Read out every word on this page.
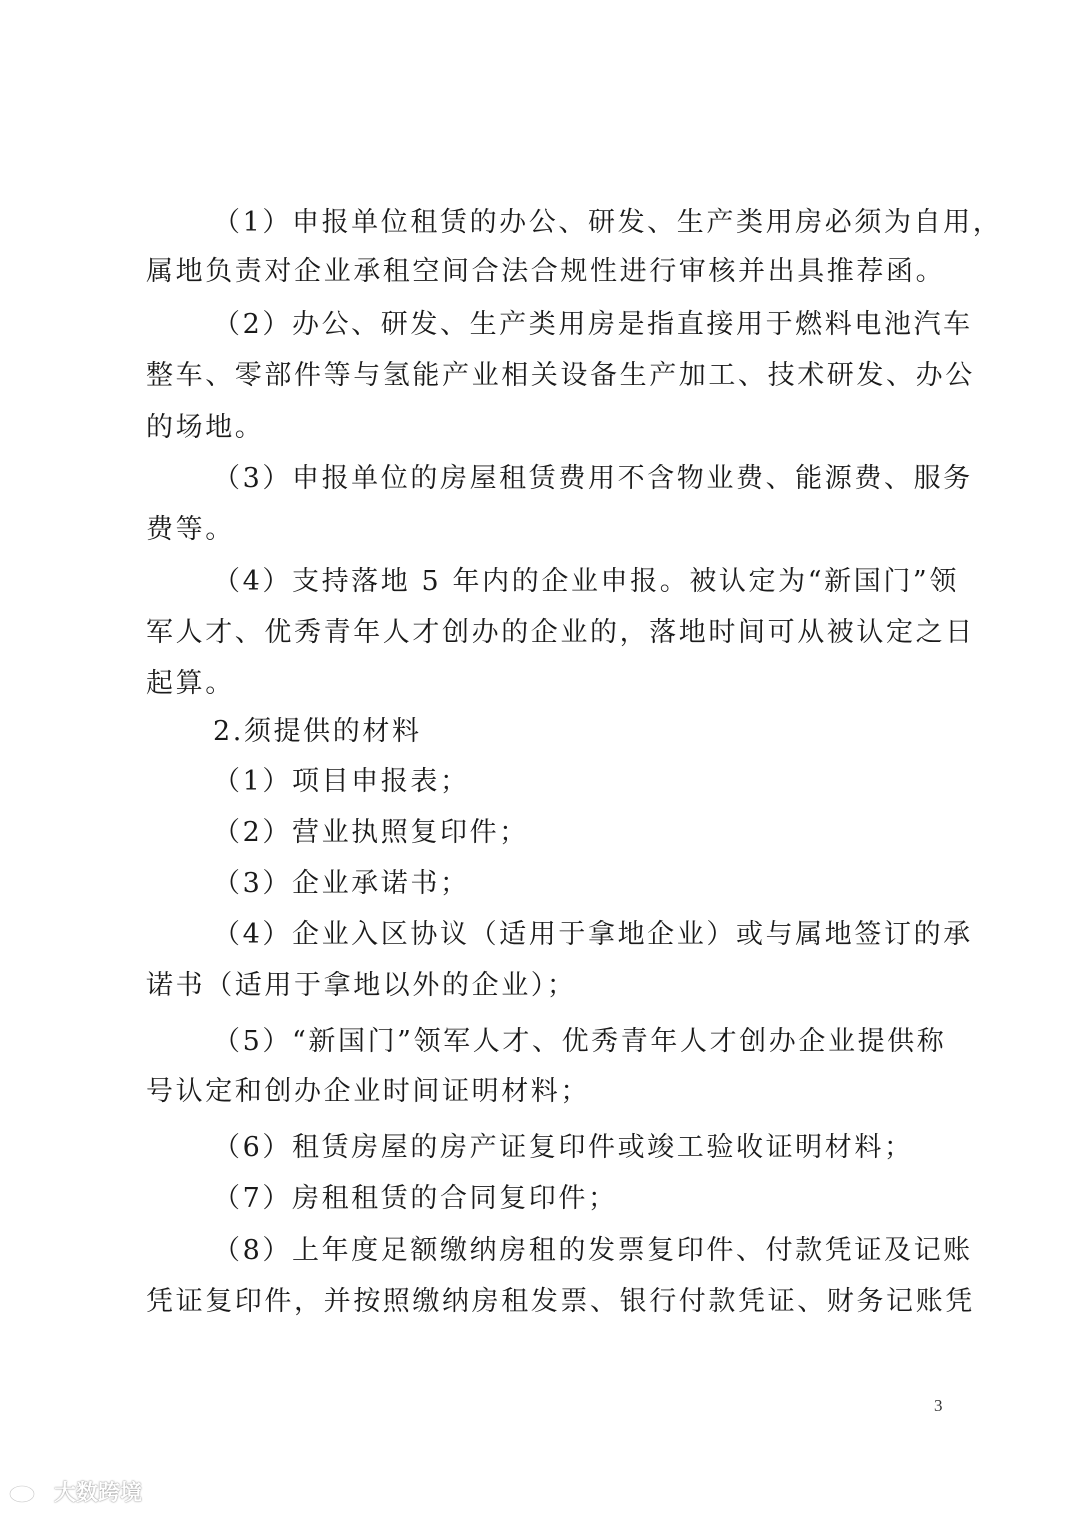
（1）申报单位租赁的办公、研发、生产类用房必须为自用，
属地负责对企业承租空间合法合规性进行审核并出具推荐函。
（2）办公、研发、生产类用房是指直接用于燃料电池汽车
整车、零部件等与氢能产业相关设备生产加工、技术研发、办公
的场地。
（3）申报单位的房屋租赁费用不含物业费、能源费、服务
费等。
（4）支持落地 5 年内的企业申报。被认定为“新国门”领
军人才、优秀青年人才创办的企业的，落地时间可从被认定之日
起算。
2.须提供的材料
（1）项目申报表；
（2）营业执照复印件；
（3）企业承诺书；
（4）企业入区协议（适用于拿地企业）或与属地签订的承
诺书（适用于拿地以外的企业）；
（5）“新国门”领军人才、优秀青年人才创办企业提供称
号认定和创办企业时间证明材料；
（6）租赁房屋的房产证复印件或竣工验收证明材料；
（7）房租租赁的合同复印件；
（8）上年度足额缴纳房租的发票复印件、付款凭证及记账
凭证复印件，并按照缴纳房租发票、银行付款凭证、财务记账凭
3
大数跨境
